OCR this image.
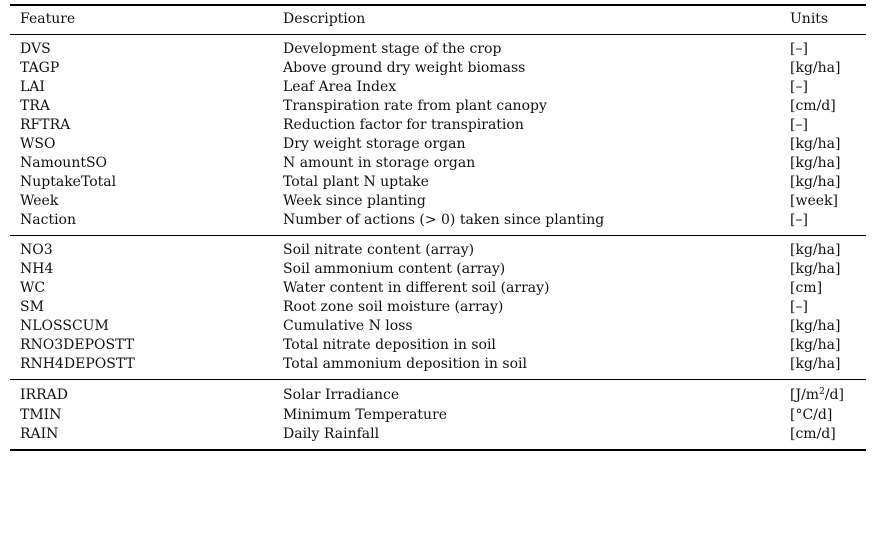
Feature	Description	Units
DVS	Development stage of the crop	[–]
TAGP	Above ground dry weight biomass	[kg/ha]
LAI	Leaf Area Index	[–]
TRA	Transpiration rate from plant canopy	[cm/d]
RFTRA	Reduction factor for transpiration	[–]
WSO	Dry weight storage organ	[kg/ha]
NamountSO	N amount in storage organ	[kg/ha]
NuptakeTotal	Total plant N uptake	[kg/ha]
Week	Week since planting	[week]
Naction	Number of actions (> 0) taken since planting	[–]
NO3	Soil nitrate content (array)	[kg/ha]
NH4	Soil ammonium content (array)	[kg/ha]
WC	Water content in different soil (array)	[cm]
SM	Root zone soil moisture (array)	[–]
NLOSSCUM	Cumulative N loss	[kg/ha]
RNO3DEPOSTT	Total nitrate deposition in soil	[kg/ha]
RNH4DEPOSTT	Total ammonium deposition in soil	[kg/ha]
IRRAD	Solar Irradiance	$[J/m^2/d]$
TMIN	Minimum Temperature	[°C/d]
RAIN	Daily Rainfall	[cm/d]
